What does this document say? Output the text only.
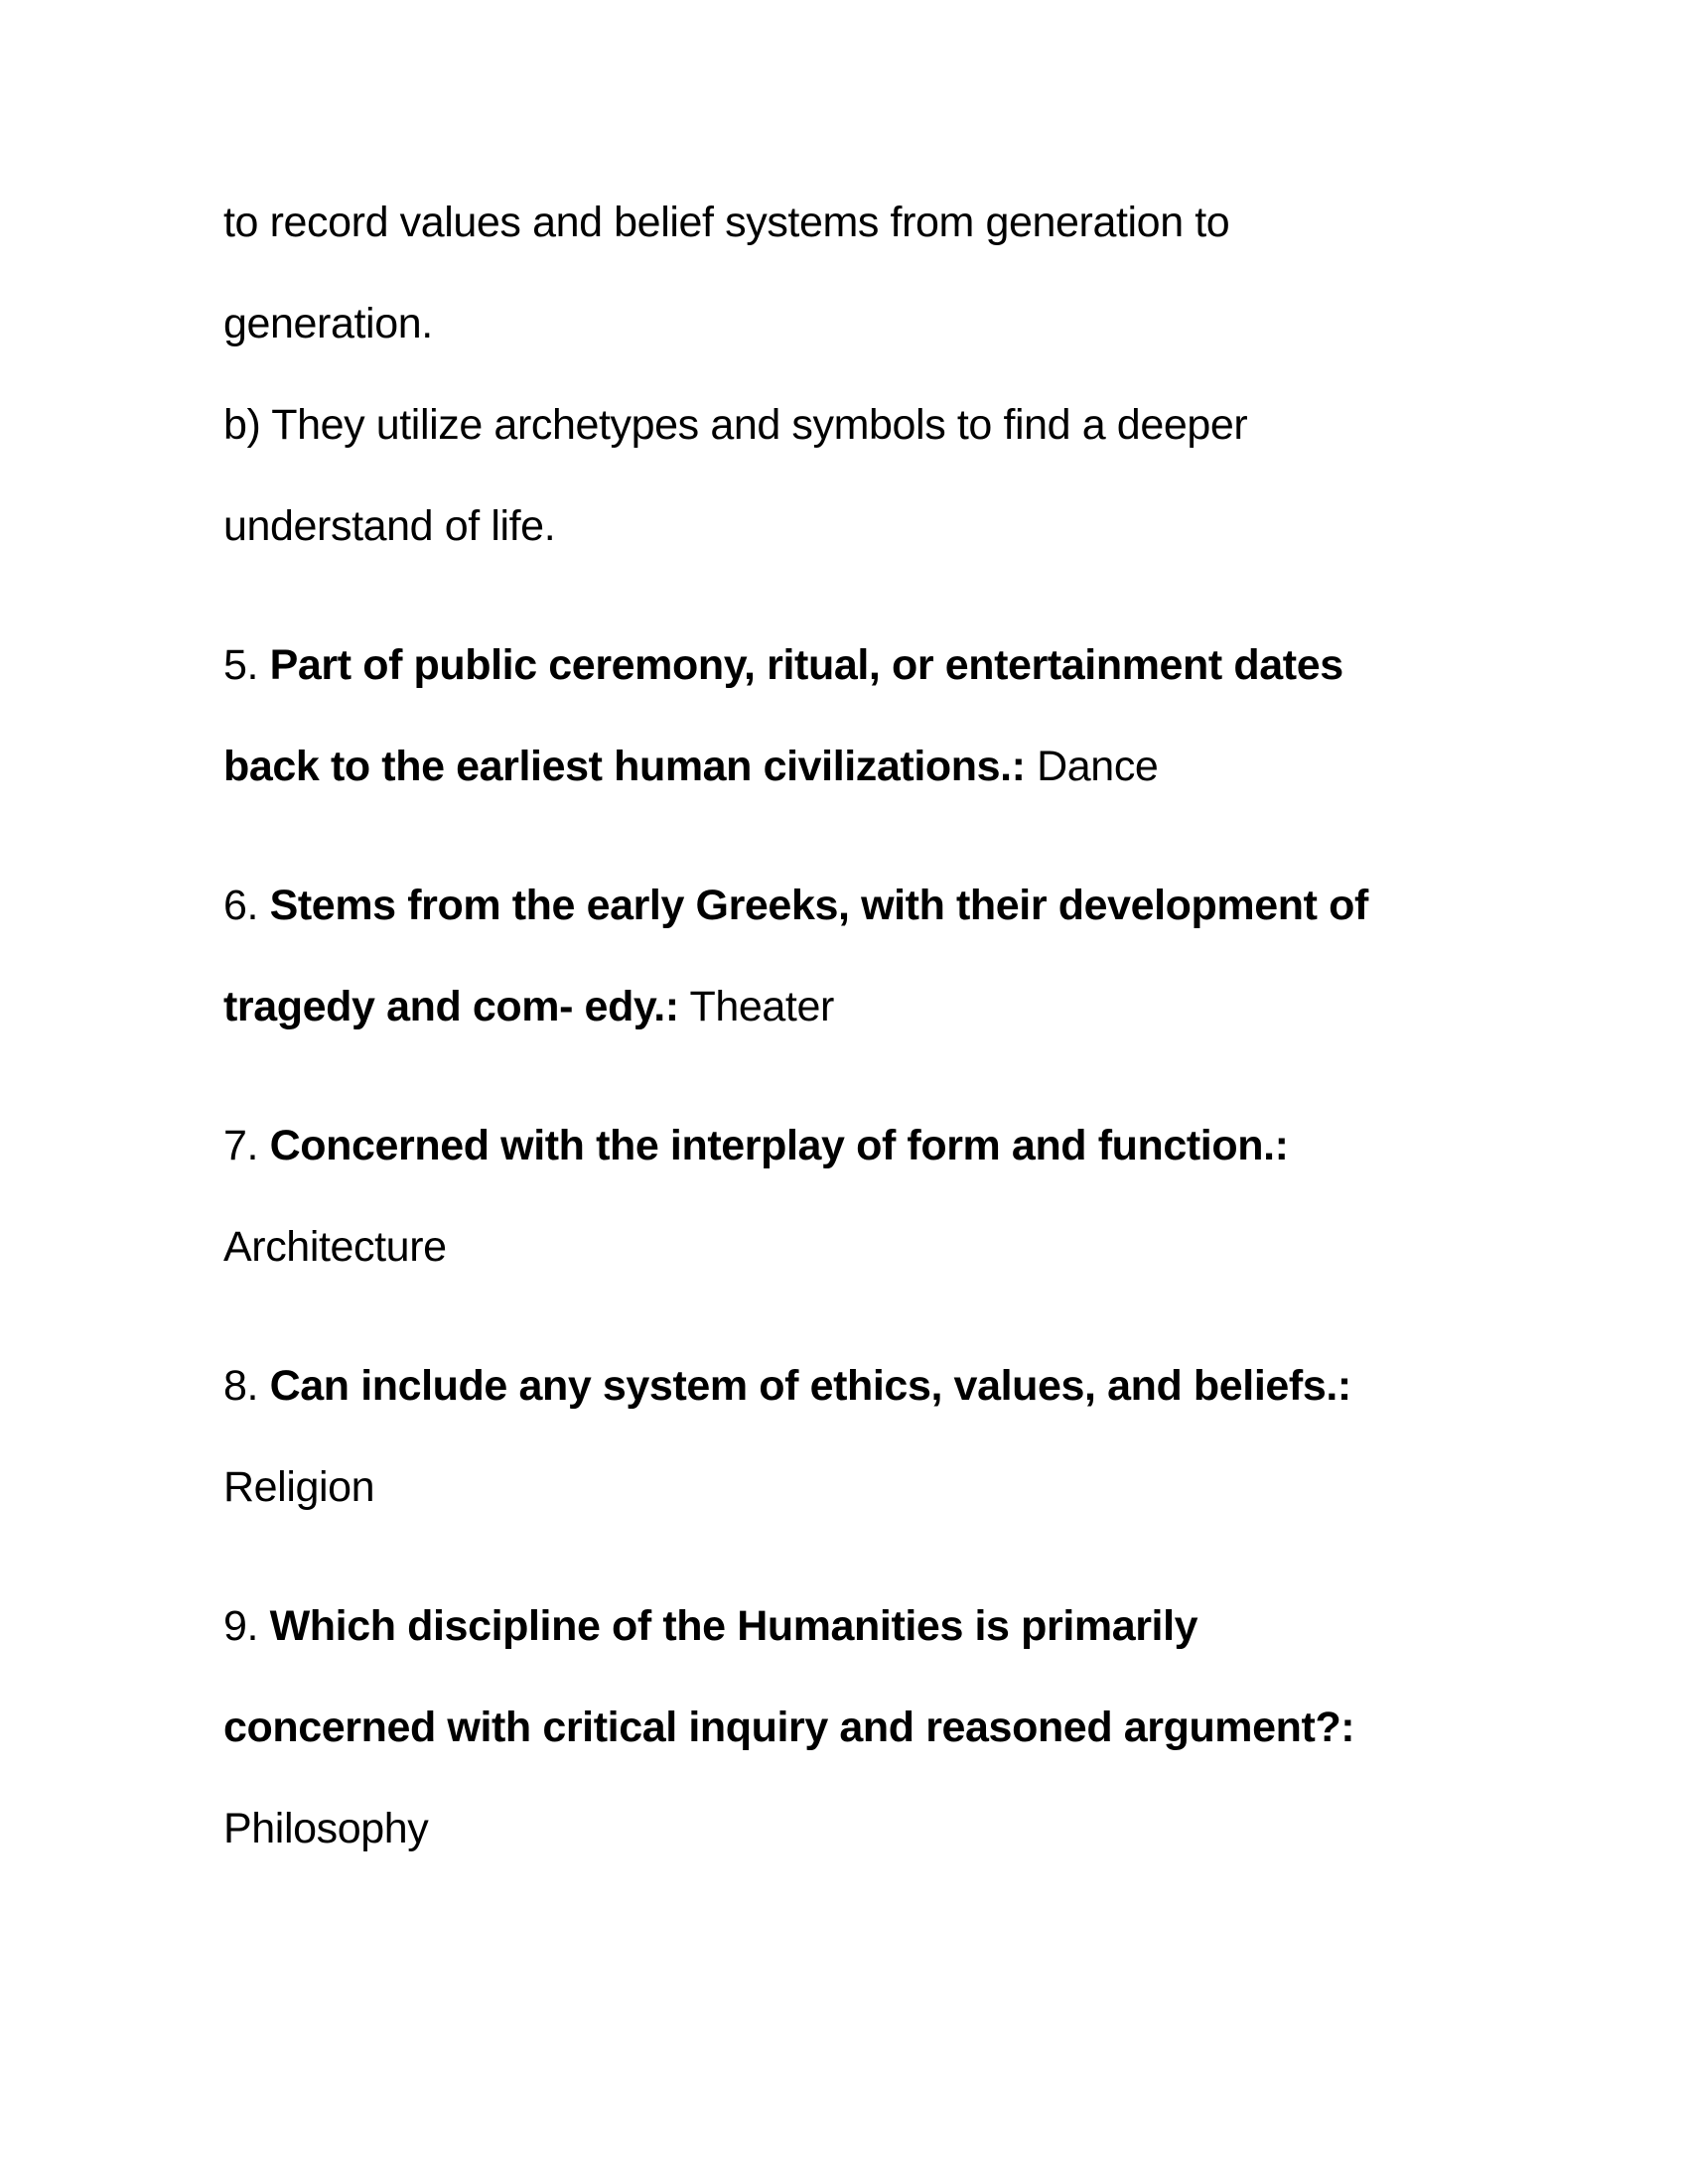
to record values and belief systems from generation to
generation.
b) They utilize archetypes and symbols to find a deeper
understand of life.
5. Part of public ceremony, ritual, or entertainment dates
back to the earliest human civilizations.: Dance
6. Stems from the early Greeks, with their development of
tragedy and com- edy.: Theater
7. Concerned with the interplay of form and function.:
Architecture
8. Can include any system of ethics, values, and beliefs.:
Religion
9. Which discipline of the Humanities is primarily
concerned with critical inquiry and reasoned argument?:
Philosophy
